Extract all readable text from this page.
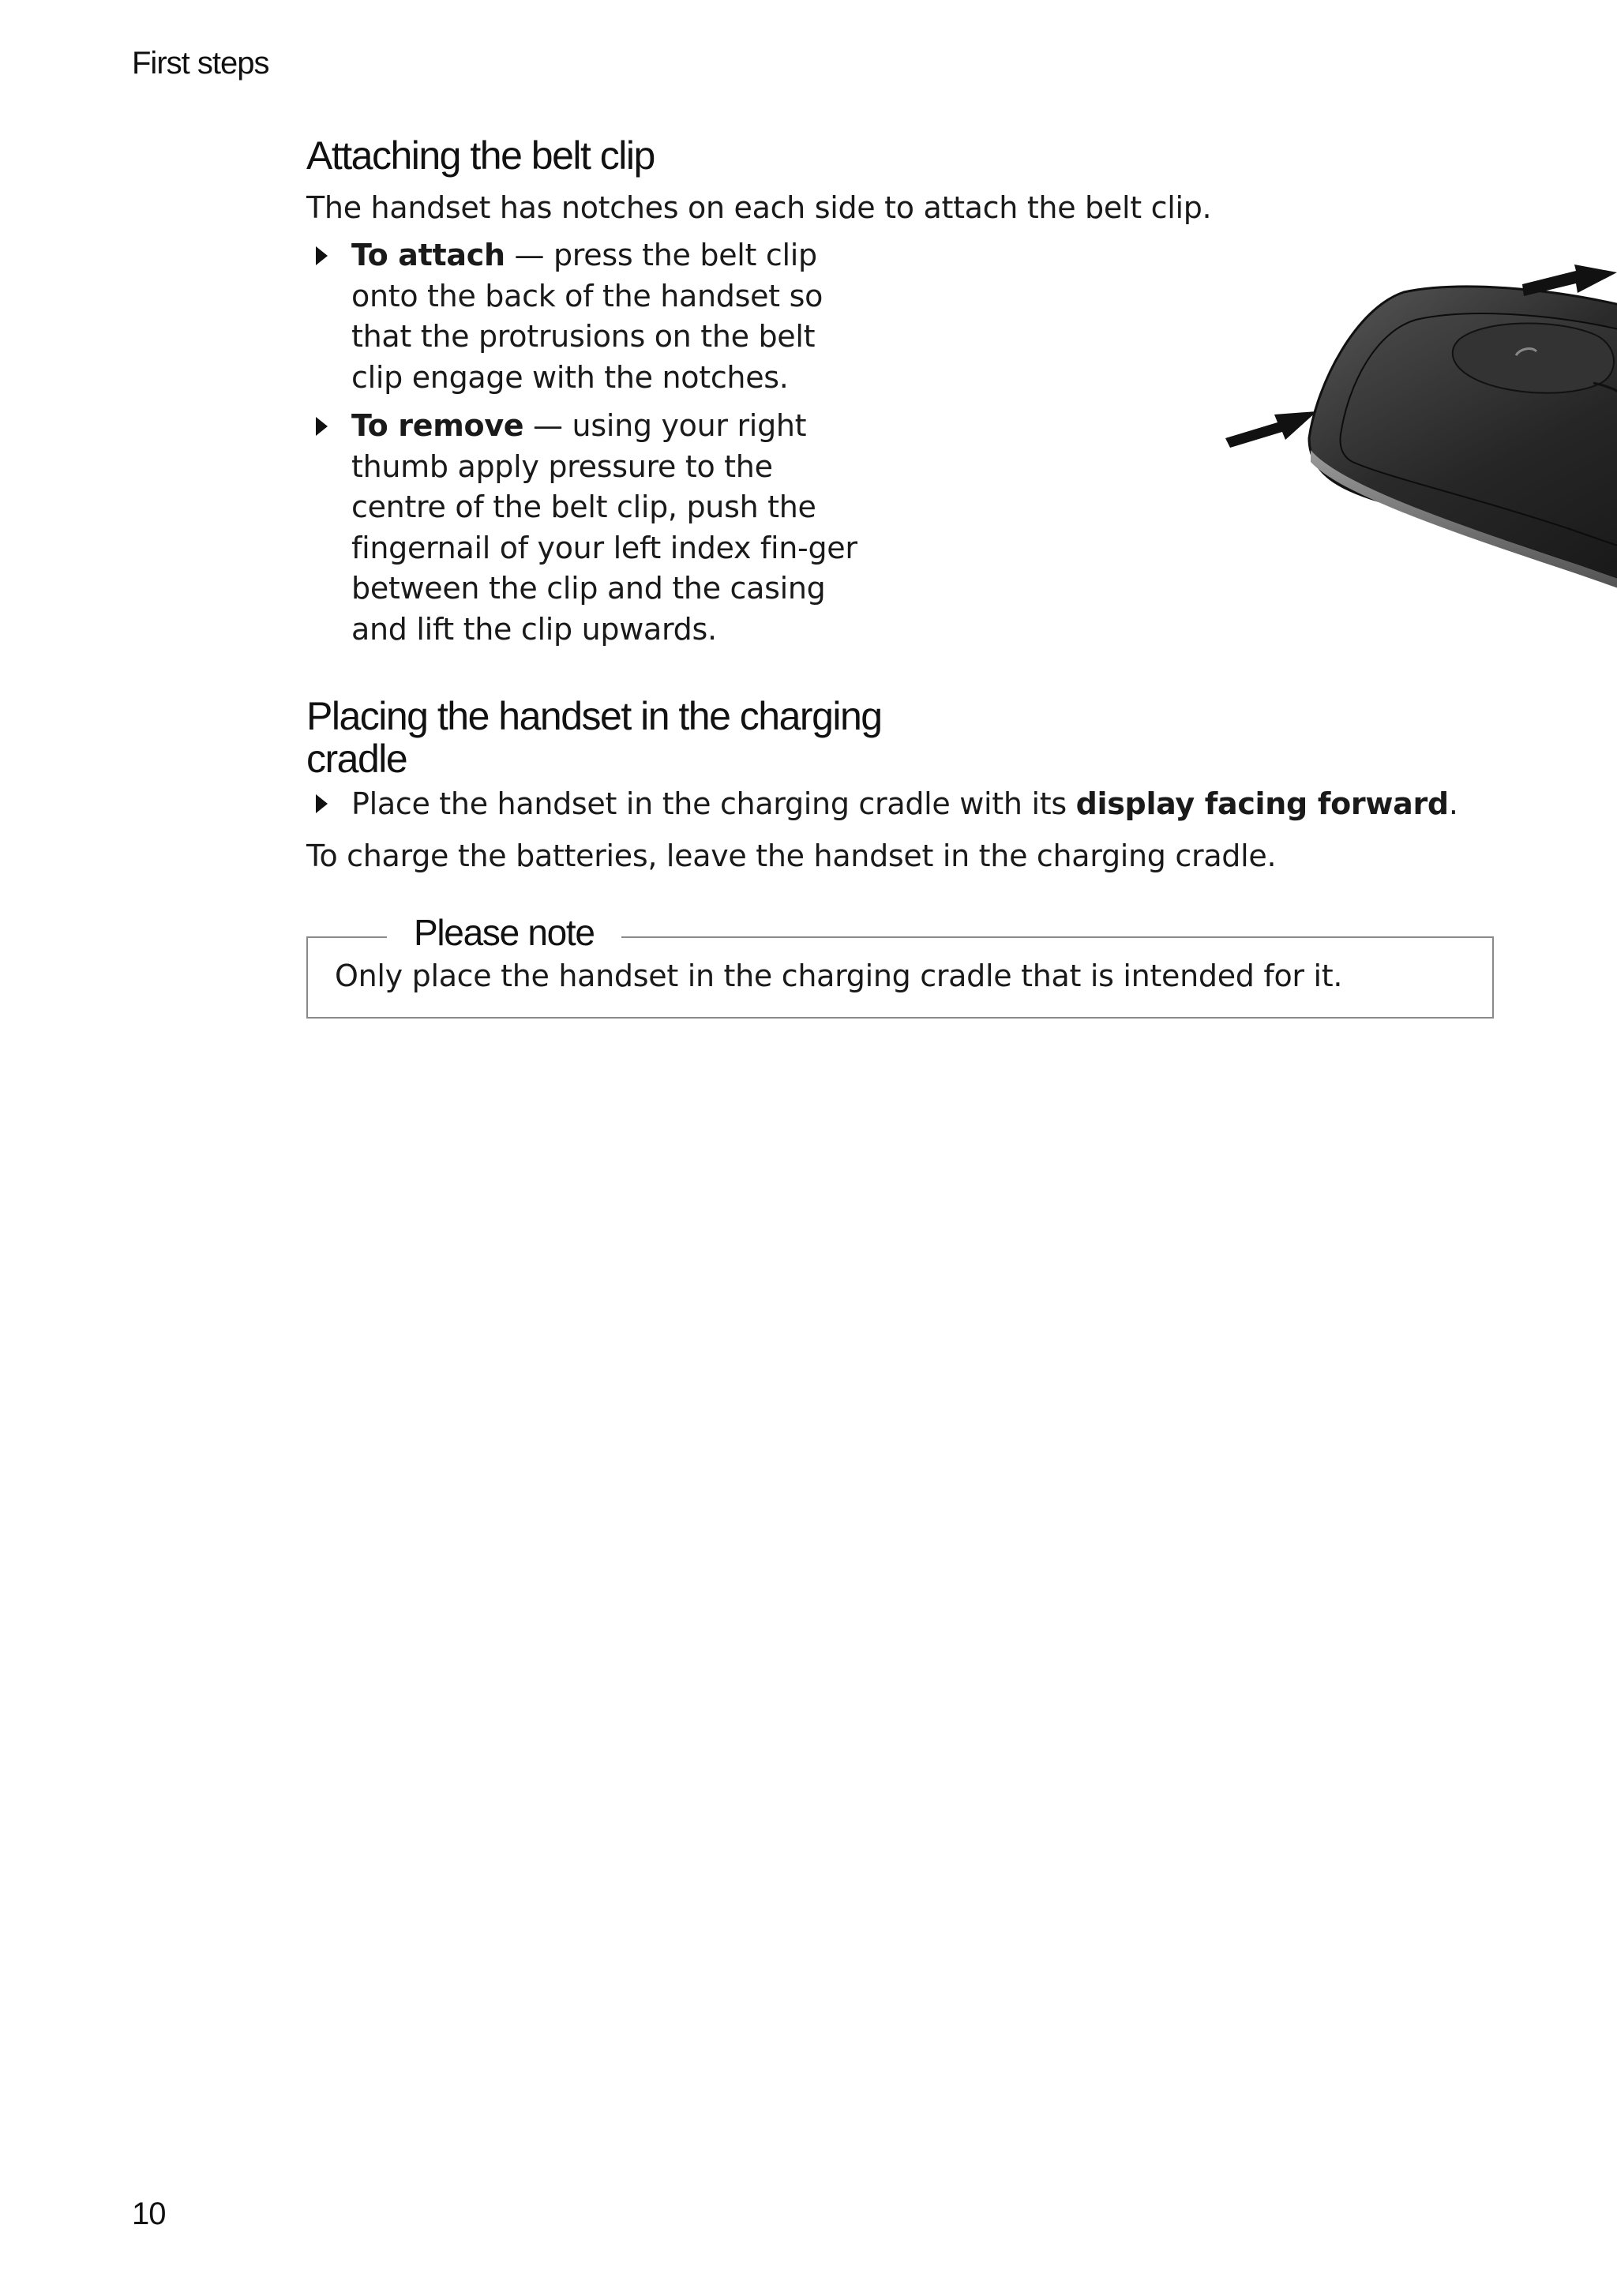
First steps
Attaching the belt clip

The handset has notches on each side to attach the belt clip.

To attach — press the belt clip onto the back of the handset so that the protrusions on the belt clip engage with the notches.
To remove — using your right thumb apply pressure to the centre of the belt clip, push the fingernail of your left index fin-ger between the clip and the casing and lift the clip upwards.
Placing the handset in the charging cradle
Place the handset in the charging cradle with its display facing forward.

To charge the batteries, leave the handset in the charging cradle.

Please note
Only place the handset in the charging cradle that is intended for it.
10
